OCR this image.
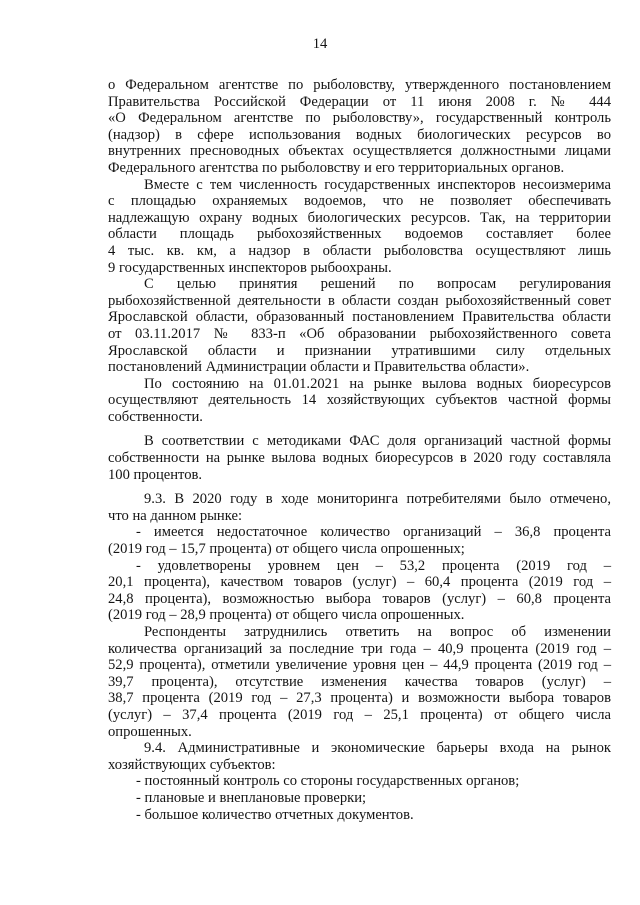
14
о Федеральном агентстве по рыболовству, утвержденного постановлением
Правительства Российской Федерации от 11 июня 2008 г. № 444
«О Федеральном агентстве по рыболовству», государственный контроль
(надзор) в сфере использования водных биологических ресурсов во
внутренних пресноводных объектах осуществляется должностными лицами
Федерального агентства по рыболовству и его территориальных органов.
Вместе с тем численность государственных инспекторов несоизмерима
с площадью охраняемых водоемов, что не позволяет обеспечивать
надлежащую охрану водных биологических ресурсов. Так, на территории
области площадь рыбохозяйственных водоемов составляет более
4 тыс. кв. км, а надзор в области рыболовства осуществляют лишь
9 государственных инспекторов рыбоохраны.
С целью принятия решений по вопросам регулирования
рыбохозяйственной деятельности в области создан рыбохозяйственный совет
Ярославской области, образованный постановлением Правительства области
от 03.11.2017 № 833-п «Об образовании рыбохозяйственного совета
Ярославской области и признании утратившими силу отдельных
постановлений Администрации области и Правительства области».
По состоянию на 01.01.2021 на рынке вылова водных биоресурсов
осуществляют деятельность 14 хозяйствующих субъектов частной формы
собственности.
В соответствии с методиками ФАС доля организаций частной формы
собственности на рынке вылова водных биоресурсов в 2020 году составляла
100 процентов.
9.3. В 2020 году в ходе мониторинга потребителями было отмечено,
что на данном рынке:
- имеется недостаточное количество организаций – 36,8 процента
(2019 год – 15,7 процента) от общего числа опрошенных;
- удовлетворены уровнем цен – 53,2 процента (2019 год –
20,1 процента), качеством товаров (услуг) – 60,4 процента (2019 год –
24,8 процента), возможностью выбора товаров (услуг) – 60,8 процента
(2019 год – 28,9 процента) от общего числа опрошенных.
Респонденты затруднились ответить на вопрос об изменении
количества организаций за последние три года – 40,9 процента (2019 год –
52,9 процента), отметили увеличение уровня цен – 44,9 процента (2019 год –
39,7 процента), отсутствие изменения качества товаров (услуг) –
38,7 процента (2019 год – 27,3 процента) и возможности выбора товаров
(услуг) – 37,4 процента (2019 год – 25,1 процента) от общего числа
опрошенных.
9.4. Административные и экономические барьеры входа на рынок
хозяйствующих субъектов:
- постоянный контроль со стороны государственных органов;
- плановые и внеплановые проверки;
- большое количество отчетных документов.
